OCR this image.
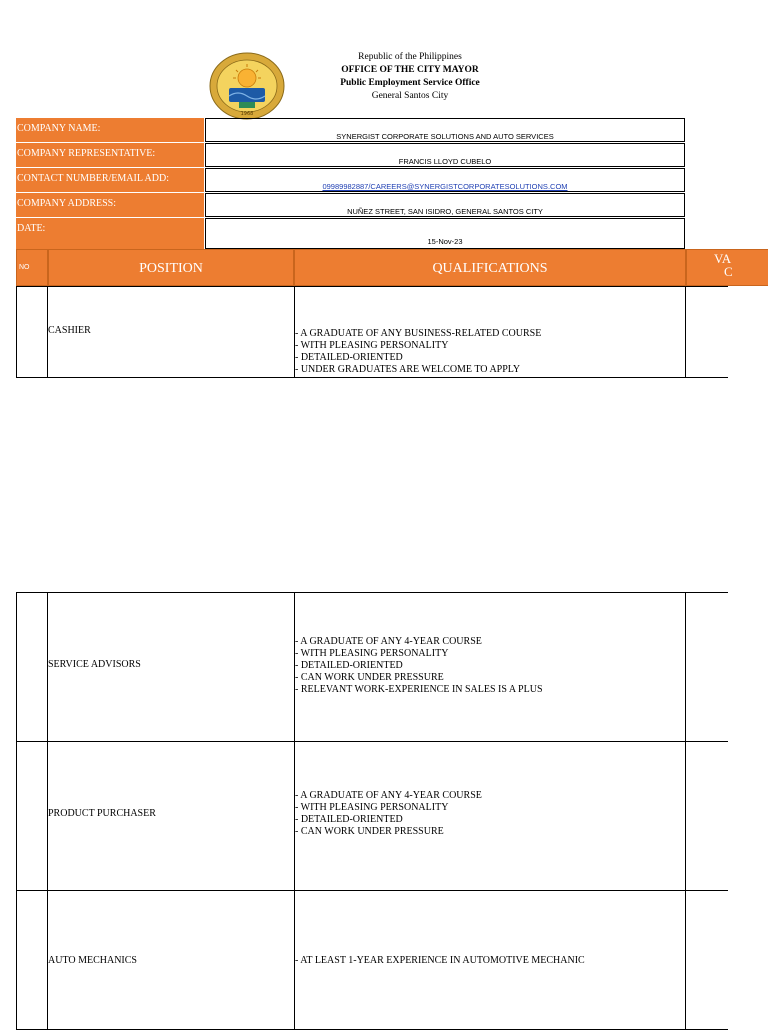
1968
Republic of the Philippines
OFFICE OF THE CITY MAYOR
Public Employment Service Office
General Santos City
COMPANY NAME:
SYNERGIST CORPORATE SOLUTIONS AND AUTO SERVICES
COMPANY REPRESENTATIVE:
FRANCIS LLOYD CUBELO
CONTACT NUMBER/EMAIL ADD:
09989982887/CAREERS@SYNERGISTCORPORATESOLUTIONS.COM
COMPANY ADDRESS:
NUÑEZ STREET, SAN ISIDRO, GENERAL SANTOS CITY
DATE:
15-Nov-23
NO	POSITION	QUALIFICATIONS
VA
C
CASHIER	- A GRADUATE OF ANY BUSINESS-RELATED COURSE
- WITH PLEASING PERSONALITY
- DETAILED-ORIENTED
- UNDER GRADUATES ARE WELCOME TO APPLY
SERVICE ADVISORS
- A GRADUATE OF ANY 4-YEAR COURSE
- WITH PLEASING PERSONALITY
- DETAILED-ORIENTED
- CAN WORK UNDER PRESSURE
- RELEVANT WORK-EXPERIENCE IN SALES IS A PLUS
PRODUCT PURCHASER
- A GRADUATE OF ANY 4-YEAR COURSE
- WITH PLEASING PERSONALITY
- DETAILED-ORIENTED
- CAN WORK UNDER PRESSURE
AUTO MECHANICS	- AT LEAST 1-YEAR EXPERIENCE IN AUTOMOTIVE MECHANIC
